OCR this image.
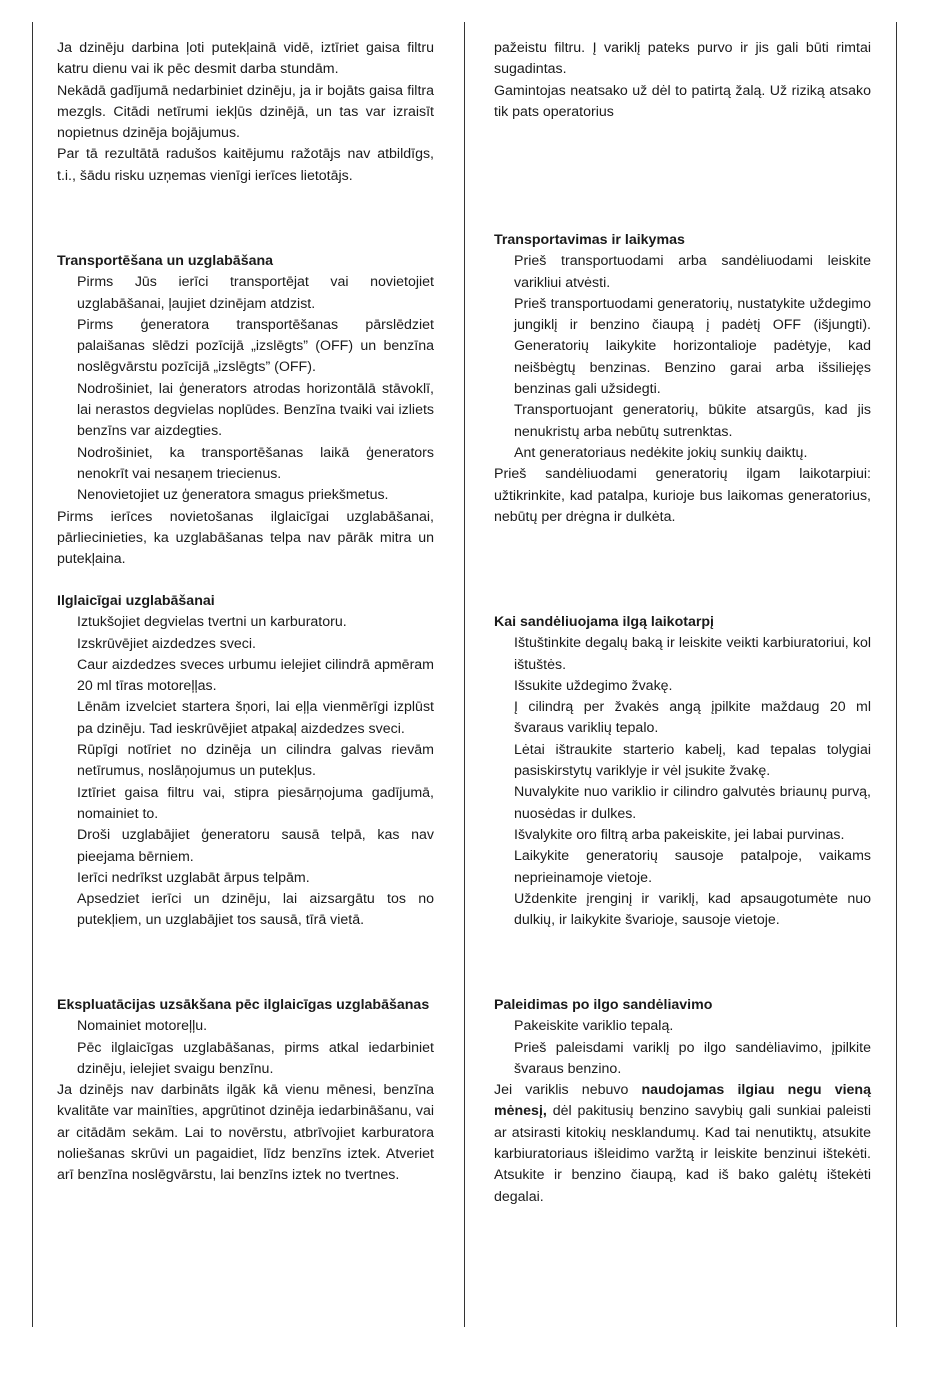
Ja dzinēju darbina ļoti putekļainā vidē, iztīriet gaisa filtru katru dienu vai ik pēc desmit darba stundām.

Nekādā gadījumā nedarbiniet dzinēju, ja ir bojāts gaisa filtra mezgls. Citādi netīrumi iekļūs dzinējā, un tas var izraisīt nopietnus dzinēja bojājumus.

Par tā rezultātā radušos kaitējumu ražotājs nav atbildīgs, t.i., šādu risku uzņemas vienīgi ierīces lietotājs.

Transportēšana un uzglabāšana

Pirms Jūs ierīci transportējat vai novietojiet uzglabāšanai, ļaujiet dzinējam atdzist.

Pirms ģeneratora transportēšanas pārslēdziet palaišanas slēdzi pozīcijā „izslēgts” (OFF) un benzīna noslēgvārstu pozīcijā „izslēgts” (OFF).

Nodrošiniet, lai ģenerators atrodas horizontālā stāvoklī, lai nerastos degvielas noplūdes. Benzīna tvaiki vai izliets benzīns var aizdegties.

Nodrošiniet, ka transportēšanas laikā ģenerators nenokrīt vai nesaņem triecienus.

Nenovietojiet uz ģeneratora smagus priekšmetus.

Pirms ierīces novietošanas ilglaicīgai uzglabāšanai, pārliecinieties, ka uzglabāšanas telpa nav pārāk mitra un putekļaina.

Ilglaicīgai uzglabāšanai

Iztukšojiet degvielas tvertni un karburatoru.

Izskrūvējiet aizdedzes sveci.

Caur aizdedzes sveces urbumu ielejiet cilindrā apmēram 20 ml tīras motoreļļas.

Lēnām izvelciet startera šņori, lai eļļa vienmērīgi izplūst pa dzinēju. Tad ieskrūvējiet atpakaļ aizdedzes sveci.

Rūpīgi notīriet no dzinēja un cilindra galvas rievām netīrumus, noslāņojumus un putekļus.

Iztīriet gaisa filtru vai, stipra piesārņojuma gadījumā, nomainiet to.

Droši uzglabājiet ģeneratoru sausā telpā, kas nav pieejama bērniem.

Ierīci nedrīkst uzglabāt ārpus telpām.

Apsedziet ierīci un dzinēju, lai aizsargātu tos no putekļiem, un uzglabājiet tos sausā, tīrā vietā.

Ekspluatācijas uzsākšana pēc ilglaicīgas uzglabāšanas

Nomainiet motoreļļu.

Pēc ilglaicīgas uzglabāšanas, pirms atkal iedarbiniet dzinēju, ielejiet svaigu benzīnu.

Ja dzinējs nav darbināts ilgāk kā vienu mēnesi, benzīna kvalitāte var mainīties, apgrūtinot dzinēja iedarbināšanu, vai ar citādām sekām. Lai to novērstu, atbrīvojiet karburatora noliešanas skrūvi un pagaidiet, līdz benzīns iztek. Atveriet arī benzīna noslēgvārstu, lai benzīns iztek no tvertnes.

pažeistu filtru. Į variklį pateks purvo ir jis gali būti rimtai sugadintas.

Gamintojas neatsako už dėl to patirtą žalą. Už riziką atsako tik pats operatorius

Transportavimas ir laikymas

Prieš transportuodami arba sandėliuodami leiskite varikliui atvėsti.

Prieš transportuodami generatorių, nustatykite uždegimo jungiklį ir benzino čiaupą į padėtį OFF (išjungti). Generatorių laikykite horizontalioje padėtyje, kad neišbėgtų benzinas. Benzino garai arba išsiliejęs benzinas gali užsidegti.

Transportuojant generatorių, būkite atsargūs, kad jis nenukristų arba nebūtų sutrenktas.

Ant generatoriaus nedėkite jokių sunkių daiktų.

Prieš sandėliuodami generatorių ilgam laikotarpiui: užtikrinkite, kad patalpa, kurioje bus laikomas generatorius, nebūtų per drėgna ir dulkėta.

Kai sandėliuojama ilgą laikotarpį

Ištuštinkite degalų baką ir leiskite veikti karbiuratoriui, kol ištuštės.

Išsukite uždegimo žvakę.

Į cilindrą per žvakės angą įpilkite maždaug 20 ml švaraus variklių tepalo.

Lėtai ištraukite starterio kabelį, kad tepalas tolygiai pasiskirstytų variklyje ir vėl įsukite žvakę.

Nuvalykite nuo variklio ir cilindro galvutės briaunų purvą, nuosėdas ir dulkes.

Išvalykite oro filtrą arba pakeiskite, jei labai purvinas.

Laikykite generatorių sausoje patalpoje, vaikams neprieinamoje vietoje.

Uždenkite įrenginį ir variklį, kad apsaugotumėte nuo dulkių, ir laikykite švarioje, sausoje vietoje.

Paleidimas po ilgo sandėliavimo

Pakeiskite variklio tepalą.

Prieš paleisdami variklį po ilgo sandėliavimo, įpilkite švaraus benzino.

Jei variklis nebuvo naudojamas ilgiau negu vieną mėnesį, dėl pakitusių benzino savybių gali sunkiai paleisti ar atsirasti kitokių nesklandumų. Kad tai nenutiktų, atsukite karbiuratoriaus išleidimo varžtą ir leiskite benzinui ištekėti. Atsukite ir benzino čiaupą, kad iš bako galėtų ištekėti degalai.
